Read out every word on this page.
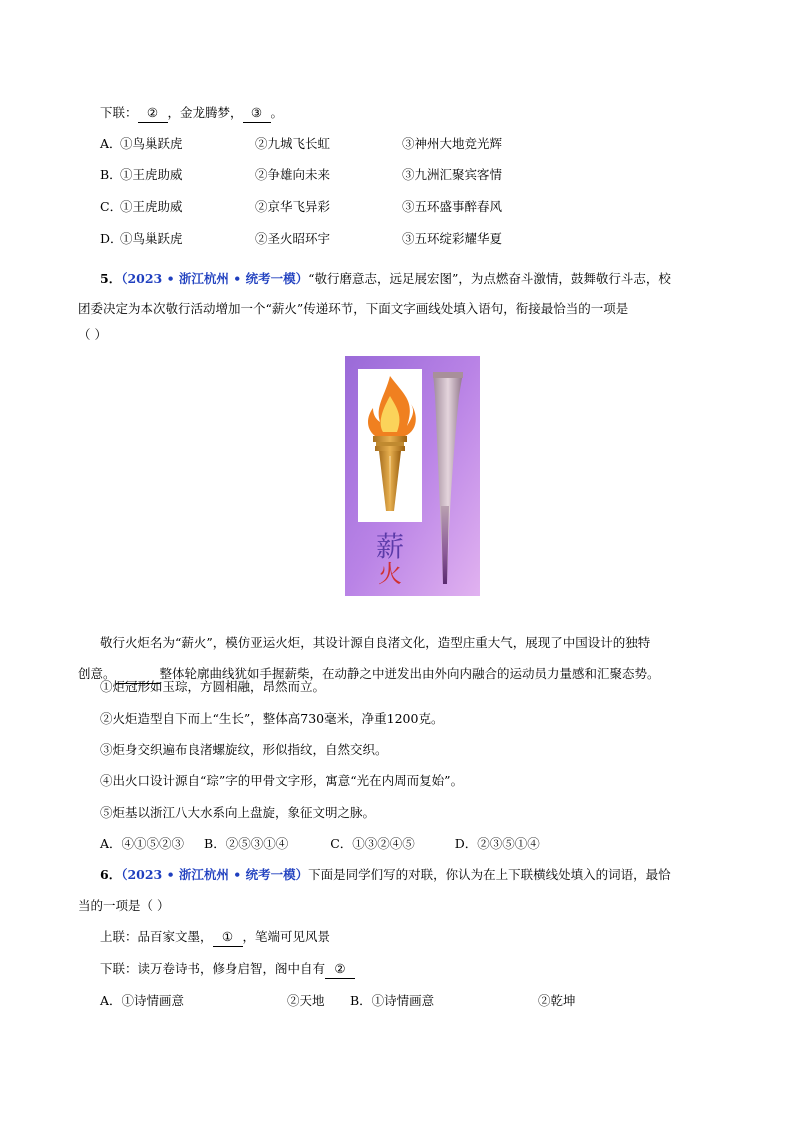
下联： ② ，金龙腾梦， ③ 。
A．
①鸟巢跃虎	②九城飞长虹	③神州大地竞光辉
B．
①王虎助威	②争雄向未来	③九洲汇聚宾客情
C．
①王虎助威	②京华飞异彩	③五环盛事醉春风
D．
①鸟巢跃虎	②圣火昭环宇	③五环绽彩耀华夏
5．（2023 • 浙江杭州 • 统考一模）“敬行磨意志，远足展宏图”，为点燃奋斗激情，鼓舞敬行斗志，校
团委决定为本次敬行活动增加一个“薪火”传递环节，下面文字画线处填入语句，衔接最恰当的一项是
薪
火
敬行火炬名为“薪火”，模仿亚运火炬，其设计源自良渚文化，造型庄重大气，展现了中国设计的独特
创意。	整体轮廓曲线犹如手握薪柴，在动静之中迸发出由外向内融合的运动员力量感和汇聚态势。
①炬冠形如玉琮，方圆相融，昂然而立。
②火炬造型自下而上“生长”，整体高730毫米，净重1200克。
③炬身交织遍布良渚螺旋纹，形似指纹，自然交织。
④出火口设计源自“琮”字的甲骨文字形，寓意“光在内周而复始”。
⑤炬基以浙江八大水系向上盘旋，象征文明之脉。
A．④①⑤②③ B．②⑤③①④	C．①③②④⑤	D．②③⑤①④
6．（2023 • 浙江杭州 • 统考一模）下面是同学们写的对联，你认为在上下联横线处填入的词语，最恰
当的一项是（ ）
上联：品百家文墨， ① ，笔端可见风景
下联：读万卷诗书，修身启智，阁中自有 ②
A．①诗情画意	②天地 B．①诗情画意	②乾坤
（ ）
